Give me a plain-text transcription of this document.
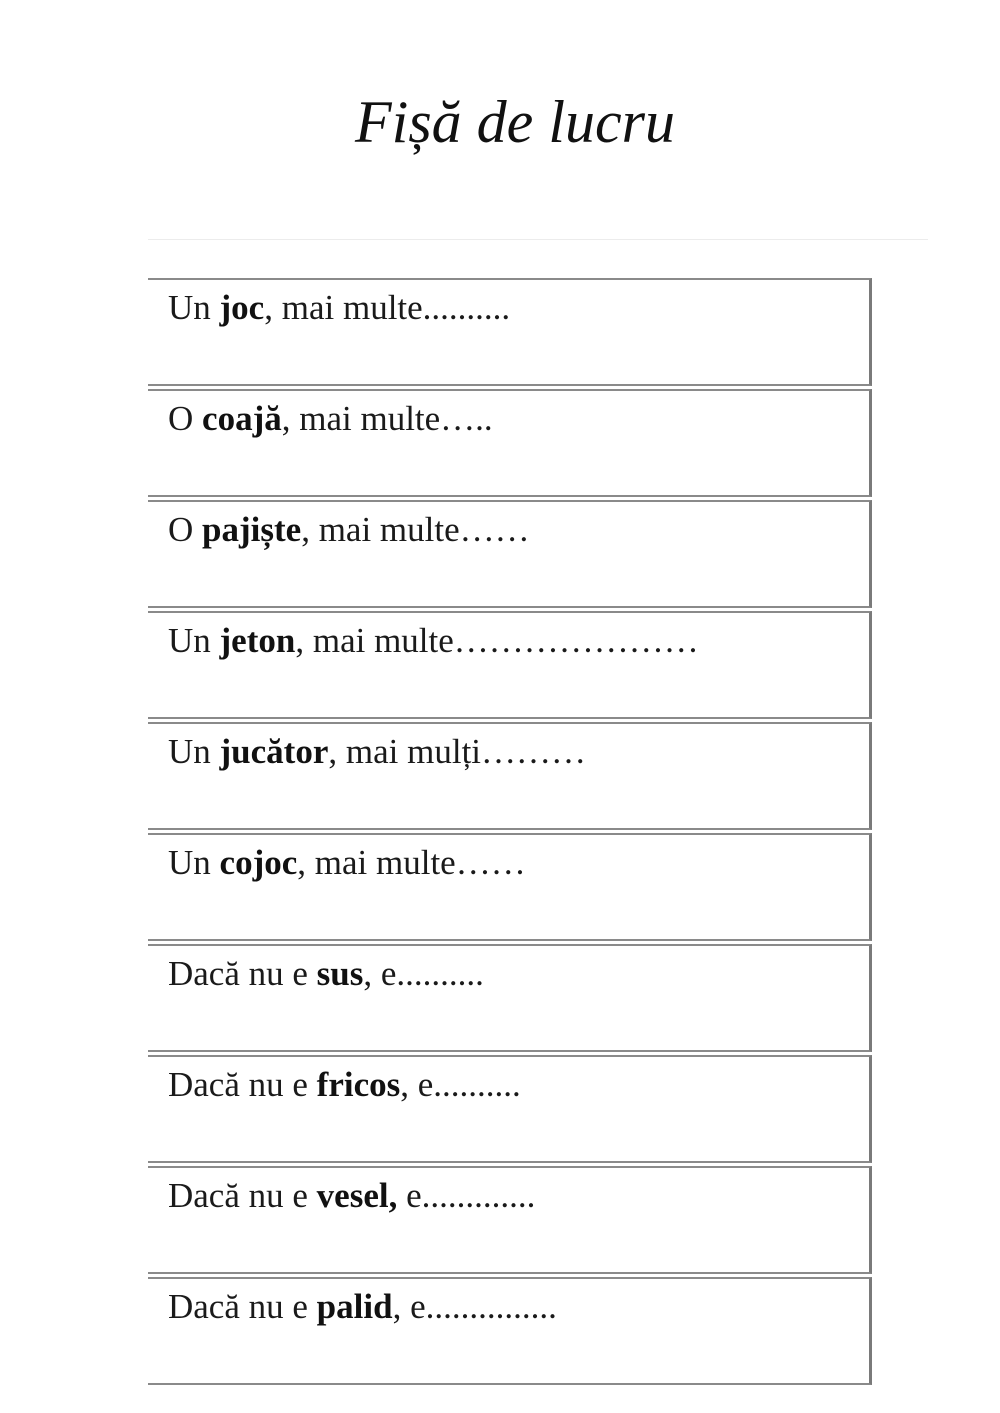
Fișă de lucru
Un joc, mai multe..........
O coajă, mai multe…..
O pajiște, mai multe……
Un jeton, mai multe…………………
Un jucător, mai mulți………
Un cojoc, mai multe……
Dacă nu e sus, e..........
Dacă nu e fricos, e..........
Dacă nu e vesel, e.............
Dacă nu e palid, e...............
